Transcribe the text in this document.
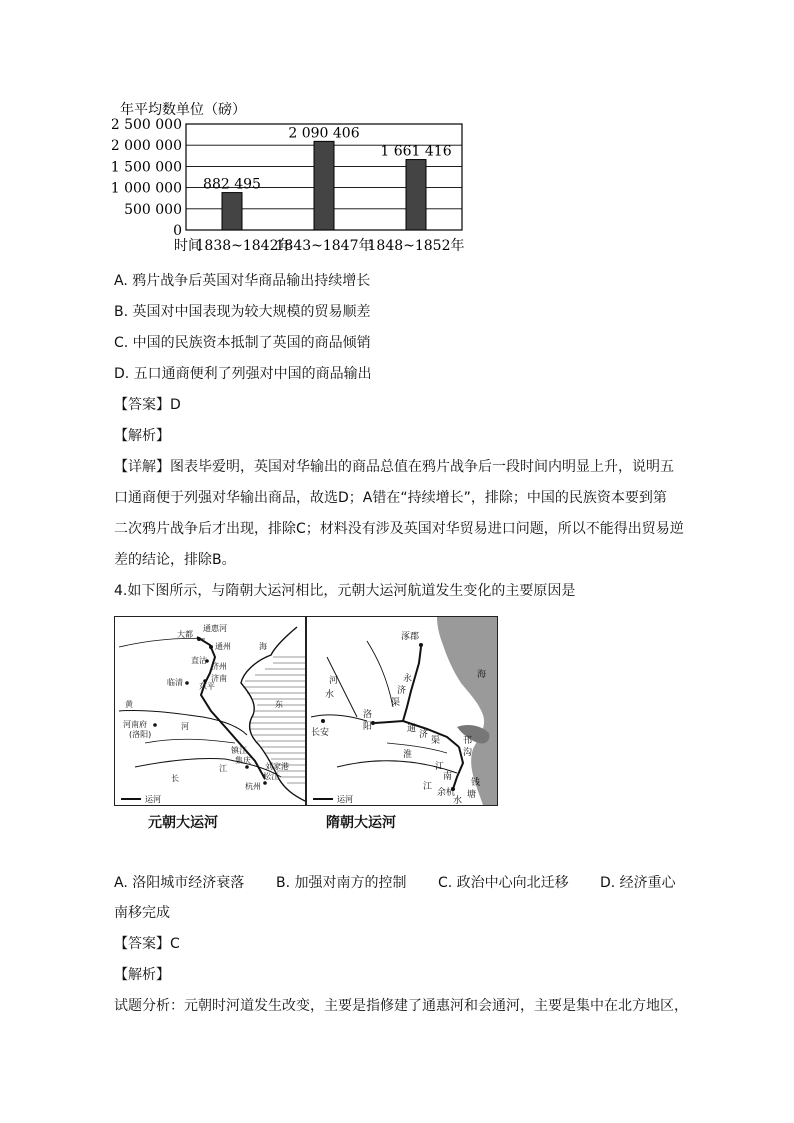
年平均数单位（磅）
0
500 000
1 000 000
1 500 000
2 000 000
2 500 000
882 495
2 090 406
1 661 416
1838~1842年
1843~1847年
1848~1852年
时间
A. 鸦片战争后英国对华商品输出持续增长
B. 英国对中国表现为较大规模的贸易顺差
C. 中国的民族资本抵制了英国的商品倾销
D. 五口通商便利了列强对中国的商品输出
【答案】D
【解析】
【详解】图表毕爱明，英国对华输出的商品总值在鸦片战争后一段时间内明显上升，说明五
口通商便于列强对华输出商品，故选D；A错在“持续增长”，排除；中国的民族资本要到第
二次鸦片战争后才出现，排除C；材料没有涉及英国对华贸易进口问题，所以不能得出贸易逆
差的结论，排除B。
4.如下图所示，与隋朝大运河相比，元朝大运河航道发生变化的主要原因是
大都
通惠河
通州
直沽
济州
临清 东平
济南
河南府
(洛阳)
集庆
镇江
杭州
刘家港
松江
黄
河
江
长
海
东
运河
涿郡
永
济
渠
河
水
长安
洛
阳	通
济
渠
淮
邗
沟
江
南
余杭
钱
塘
水
江
海
运河
元朝大运河	隋朝大运河
A. 洛阳城市经济衰落 B. 加强对南方的控制 C. 政治中心向北迁移 D. 经济重心
南移完成
【答案】C
【解析】
试题分析：元朝时河道发生改变，主要是指修建了通惠河和会通河，主要是集中在北方地区，
